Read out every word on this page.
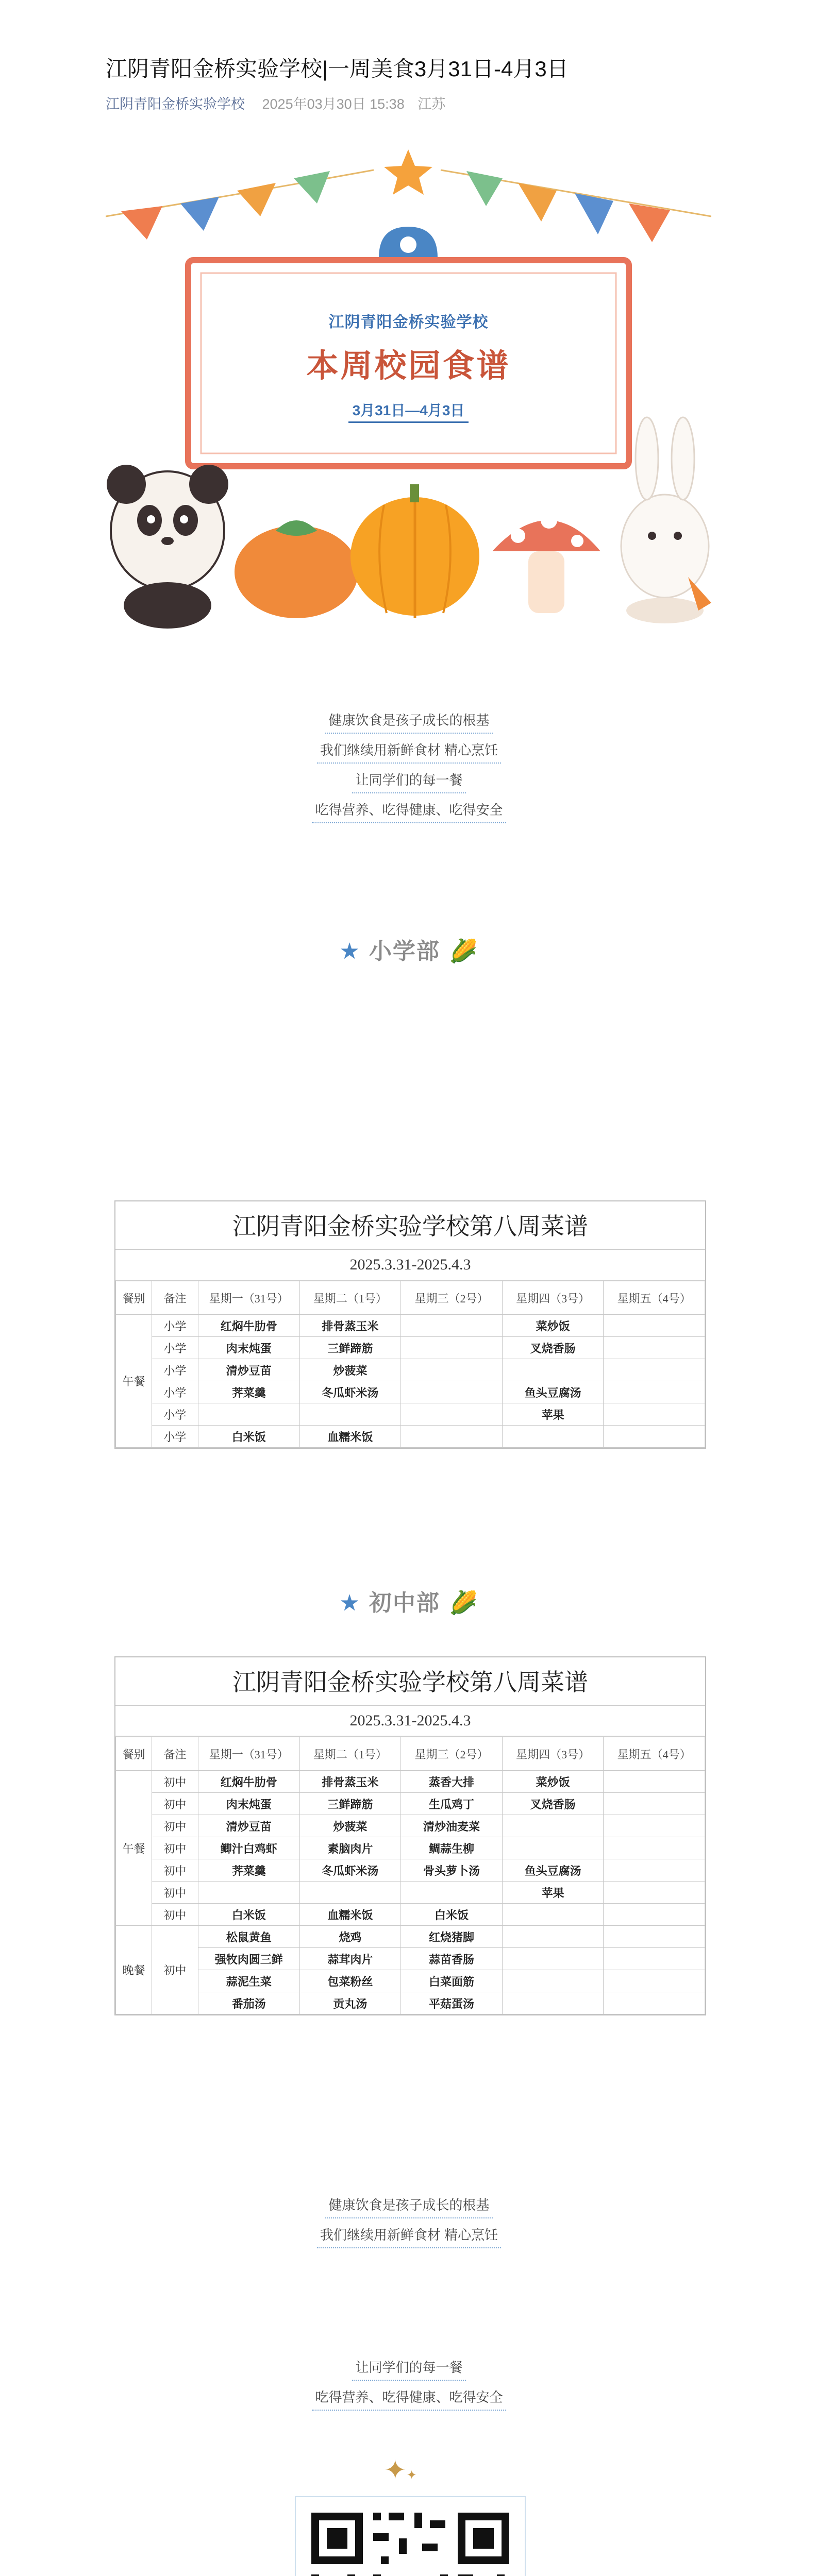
江阴青阳金桥实验学校|一周美食3月31日-4月3日
江阴青阳金桥实验学校 2025年03月30日 15:38 江苏
江阴青阳金桥实验学校
本周校园食谱
3月31日—4月3日
健康饮食是孩子成长的根基
我们继续用新鲜食材 精心烹饪
让同学们的每一餐
吃得营养、吃得健康、吃得安全
★ 小学部 🌽
江阴青阳金桥实验学校第八周菜谱
2025.3.31-2025.4.3
餐别	备注	星期一（31号）	星期二（1号）	星期三（2号）	星期四（3号）	星期五（4号）
午餐	小学	红焖牛肋骨	排骨蒸玉米		菜炒饭	
	小学	肉末炖蛋	三鲜蹄筋		叉烧香肠	
	小学	清炒豆苗	炒菠菜			
	小学	荠菜羹	冬瓜虾米汤		鱼头豆腐汤	
	小学				苹果	
	小学	白米饭	血糯米饭			
★ 初中部 🌽
江阴青阳金桥实验学校第八周菜谱
2025.3.31-2025.4.3
餐别	备注	星期一（31号）	星期二（1号）	星期三（2号）	星期四（3号）	星期五（4号）
午餐	初中	红焖牛肋骨	排骨蒸玉米	蒸香大排	菜炒饭	
	初中	肉末炖蛋	三鲜蹄筋	生瓜鸡丁	叉烧香肠	
	初中	清炒豆苗	炒菠菜	清炒油麦菜		
	初中	鲫汁白鸡虾	素脑肉片	鲷蒜生柳		
	初中	荠菜羹	冬瓜虾米汤	骨头萝卜汤	鱼头豆腐汤	
	初中				苹果	
	初中	白米饭	血糯米饭	白米饭		
晚餐	初中	松鼠黄鱼	烧鸡	红烧猪脚		
		强牧肉圆三鲜	蒜茸肉片	蒜苗香肠		
		蒜泥生菜	包菜粉丝	白菜面筋		
		番茄汤	贡丸汤	平菇蛋汤		
健康饮食是孩子成长的根基
我们继续用新鲜食材 精心烹饪
让同学们的每一餐
吃得营养、吃得健康、吃得安全
✦✦
